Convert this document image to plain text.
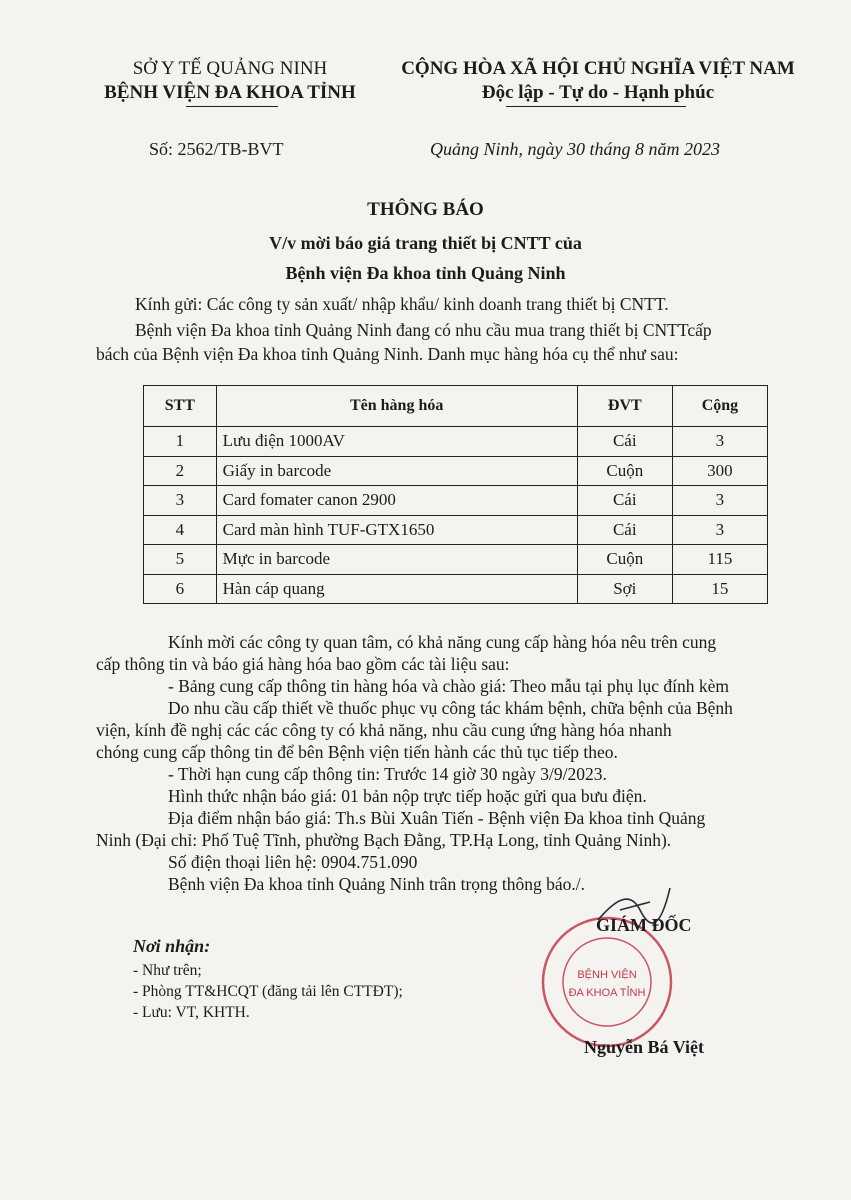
SỞ Y TẾ QUẢNG NINH
BỆNH VIỆN ĐA KHOA TỈNH
CỘNG HÒA XÃ HỘI CHỦ NGHĨA VIỆT NAM
Độc lập - Tự do - Hạnh phúc
Số: 2562/TB-BVT	Quảng Ninh, ngày 30 tháng 8 năm 2023
THÔNG BÁO
V/v mời báo giá trang thiết bị CNTT của
Bệnh viện Đa khoa tỉnh Quảng Ninh
Kính gửi: Các công ty sản xuất/ nhập khẩu/ kinh doanh trang thiết bị CNTT.
Bệnh viện Đa khoa tỉnh Quảng Ninh đang có nhu cầu mua trang thiết bị CNTTcấp
bách của Bệnh viện Đa khoa tỉnh Quảng Ninh. Danh mục hàng hóa cụ thể như sau:
STT	Tên hàng hóa	ĐVT	Cộng
1	Lưu điện 1000AV	Cái	3
2	Giấy in barcode	Cuộn	300
3	Card fomater canon 2900	Cái	3
4	Card màn hình TUF-GTX1650	Cái	3
5	Mực in barcode	Cuộn	115
6	Hàn cáp quang	Sợi	15
Kính mời các công ty quan tâm, có khả năng cung cấp hàng hóa nêu trên cung
cấp thông tin và báo giá hàng hóa bao gồm các tài liệu sau:
- Bảng cung cấp thông tin hàng hóa và chào giá: Theo mẫu tại phụ lục đính kèm
Do nhu cầu cấp thiết về thuốc phục vụ công tác khám bệnh, chữa bệnh của Bệnh
viện, kính đề nghị các các công ty có khả năng, nhu cầu cung ứng hàng hóa nhanh
chóng cung cấp thông tin để bên Bệnh viện tiến hành các thủ tục tiếp theo.
- Thời hạn cung cấp thông tin: Trước 14 giờ 30 ngày 3/9/2023.
Hình thức nhận báo giá: 01 bản nộp trực tiếp hoặc gửi qua bưu điện.
Địa điểm nhận báo giá: Th.s Bùi Xuân Tiến - Bệnh viện Đa khoa tỉnh Quảng
Ninh (Đại chỉ: Phố Tuệ Tĩnh, phường Bạch Đằng, TP.Hạ Long, tỉnh Quảng Ninh).
Số điện thoại liên hệ: 0904.751.090
Bệnh viện Đa khoa tỉnh Quảng Ninh trân trọng thông báo./.
Nơi nhận:
- Như trên;
- Phòng TT&HCQT (đăng tải lên CTTĐT);
- Lưu: VT, KHTH.
BỆNH VIỆN
ĐA KHOA TỈNH
GIÁM ĐỐC
Nguyễn Bá Việt
